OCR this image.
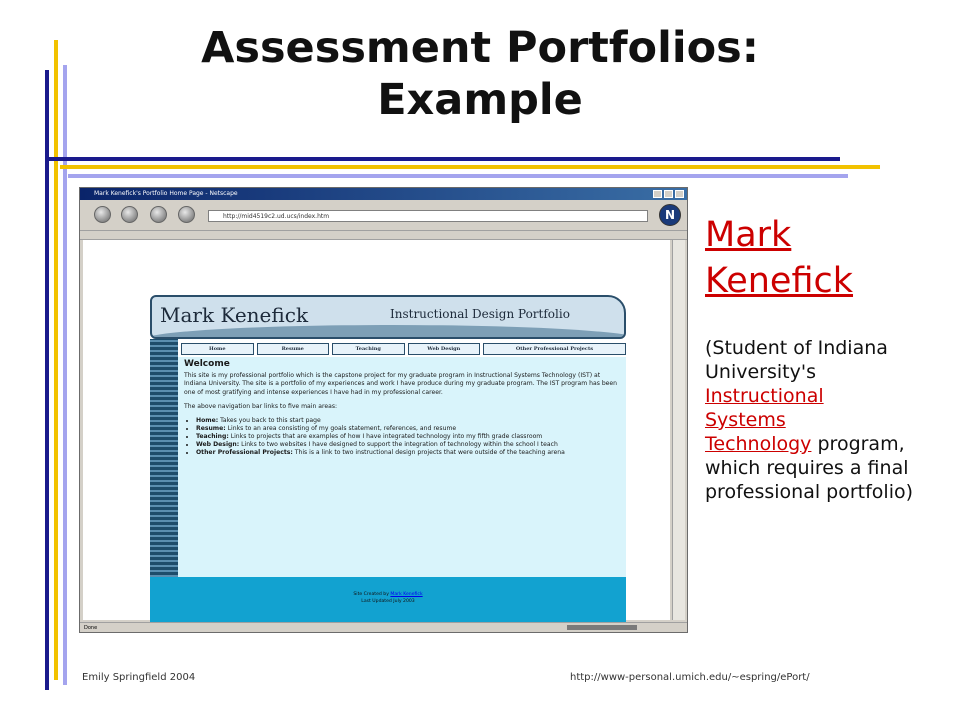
Assessment Portfolios:
Example
Mark Kenefick's Portfolio Home Page - Netscape
http://mid4519c2.ud.ucs/index.htm	N
Mark Kenefick	Instructional Design Portfolio
Home	Resume	Teaching	Web Design	Other Professional Projects
Welcome

This site is my professional portfolio which is the capstone project for my graduate program in Instructional Systems Technology (IST) at Indiana University. The site is a portfolio of my experiences and work I have produce during my graduate program. The IST program has been one of most gratifying and intense experiences I have had in my professional career.

The above navigation bar links to five main areas:

• Home: Takes you back to this start page
• Resume: Links to an area consisting of my goals statement, references, and resume
• Teaching: Links to projects that are examples of how I have integrated technology into my fifth grade classroom
• Web Design: Links to two websites I have designed to support the integration of technology within the school I teach
• Other Professional Projects: This is a link to two instructional design projects that were outside of the teaching arena
Site Created by Mark Kenefick
Last Updated July 2003
Done
Mark
Kenefick
(Student of Indiana University's
Instructional
Systems
Technology program, which requires a final professional portfolio)
Emily Springfield 2004	http://www-personal.umich.edu/~espring/ePort/
